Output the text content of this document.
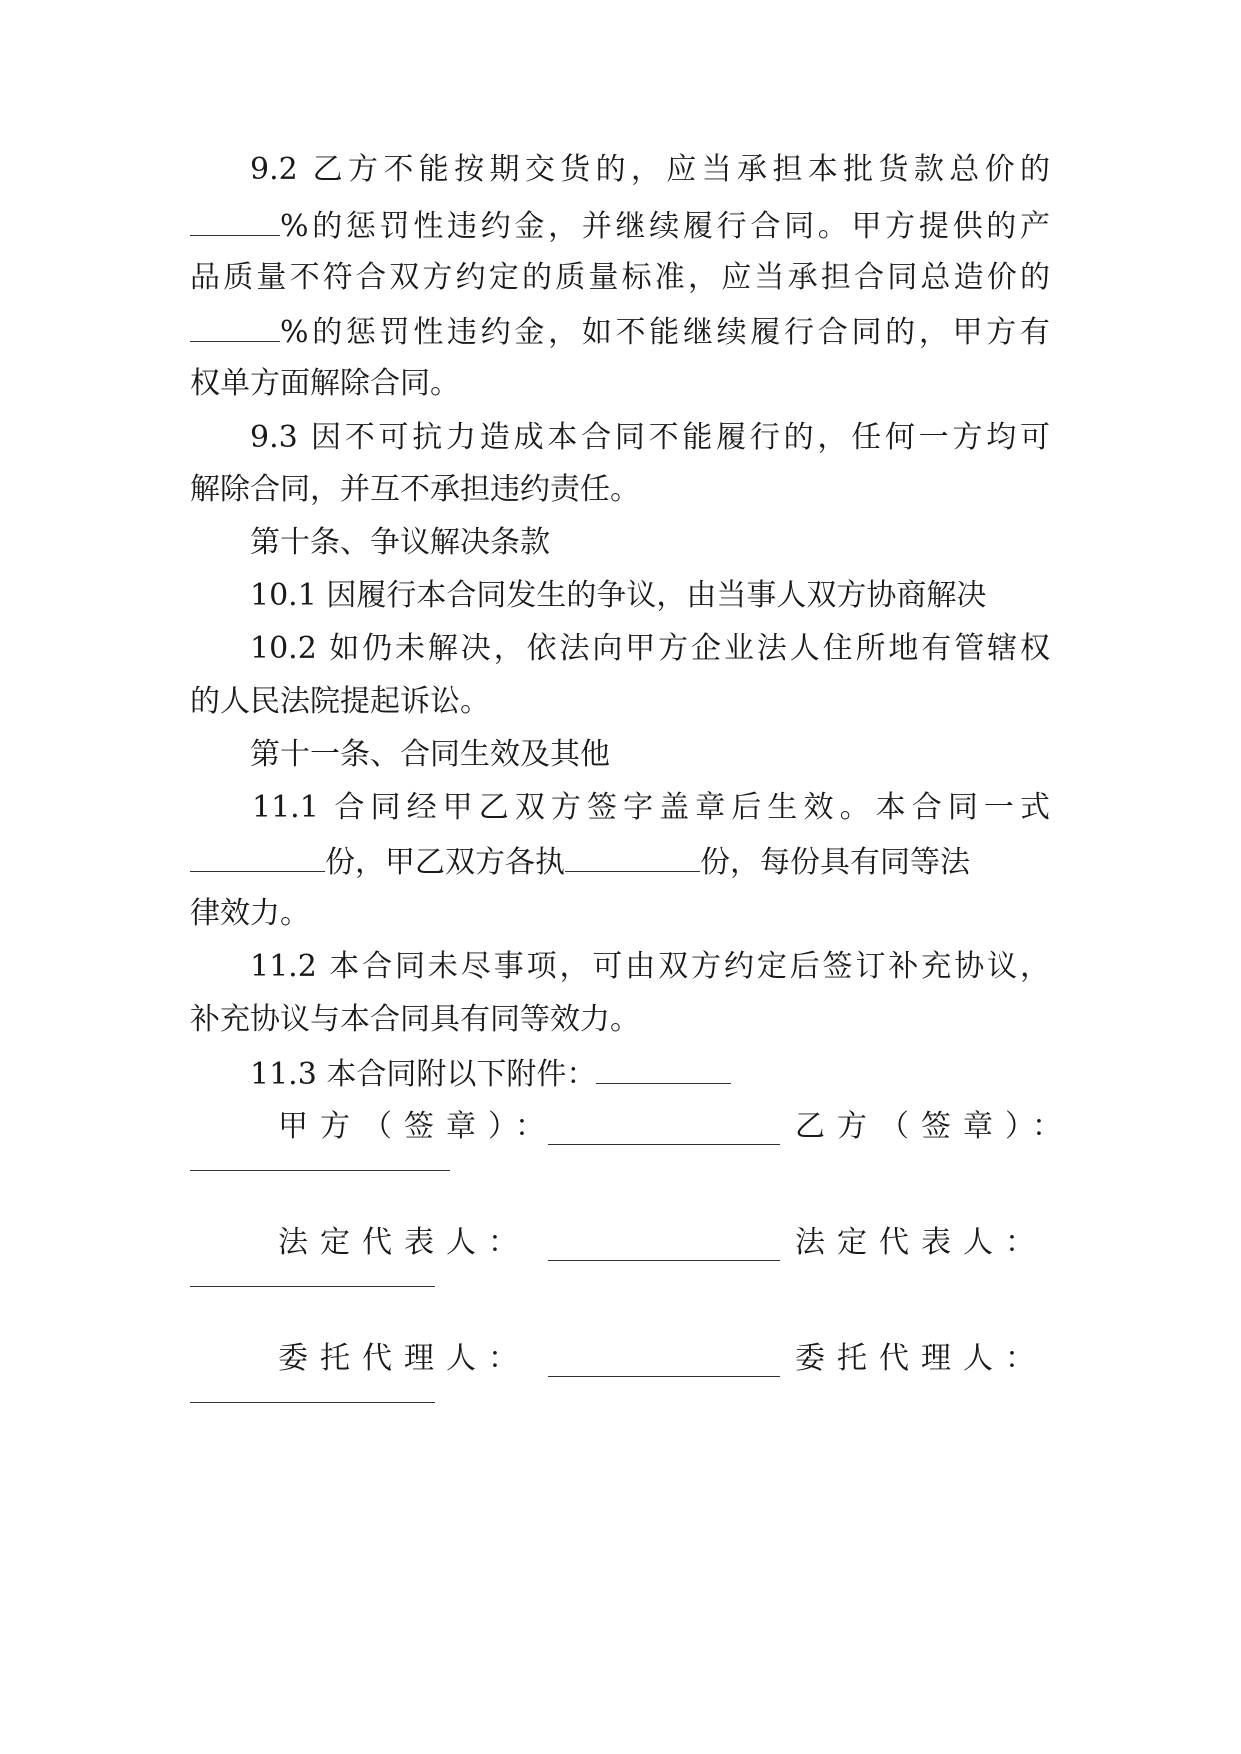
9.2 乙方不能按期交货的，应当承担本批货款总价的
%的惩罚性违约金，并继续履行合同。甲方提供的产
品质量不符合双方约定的质量标准，应当承担合同总造价的
%的惩罚性违约金，如不能继续履行合同的，甲方有
权单方面解除合同。
9.3 因不可抗力造成本合同不能履行的，任何一方均可
解除合同，并互不承担违约责任。
第十条、争议解决条款
10.1 因履行本合同发生的争议，由当事人双方协商解决
10.2 如仍未解决，依法向甲方企业法人住所地有管辖权
的人民法院提起诉讼。
第十一条、合同生效及其他
11.1 合同经甲乙双方签字盖章后生效。本合同一式
份，甲乙双方各执	份，每份具有同等法
律效力。
11.2 本合同未尽事项，可由双方约定后签订补充协议，
补充协议与本合同具有同等效力。
11.3 本合同附以下附件：
甲方（签章）：	乙方（签章）：
法定代表人：	法定代表人：
委托代理人：	委托代理人：
